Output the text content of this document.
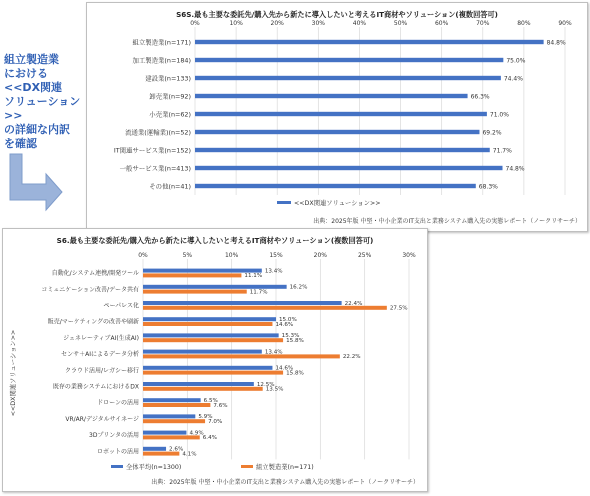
組立製造業
における
<<DX関連
ソリューション>>
の詳細な内訳
を確認
S6S.最も主要な委託先/購入先から新たに導入したいと考えるIT商材やソリューション(複数回答可)
組立製造業(n=171)
加工製造業(n=184)
建設業(n=133)
卸売業(n=92)
小売業(n=62)
流通業(運輸業)(n=52)
IT関連サービス業(n=152)
一般サービス業(n=413)
その他(n=41)
84.8%
75.0%
74.4%
66.3%
71.0%
69.2%
71.7%
74.8%
68.3%
0%	10%	20%	30%	40%	50%	60%	70%	80%	90%
<<DX関連ソリューション>>
出典：2025年版 中堅・中小企業のIT支出と業務システム購入先の実態レポート（ノークリサーチ）
S6.最も主要な委託先/購入先から新たに導入したいと考えるIT商材やソリューション(複数回答可)
<<DX関連ソリューション>>
自動化/システム連携/開発ツール
コミュニケーション改善/データ共有
ペーパレス化
販売/マーケティングの改善や刷新
ジェネレーティブAI(生成AI)
センサ＋AIによるデータ分析
クラウド活用/レガシー移行
既存の業務システムにおけるDX
ドローンの活用
VR/AR/デジタルサイネージ
3Dプリンタの活用
ロボットの活用
13.4%
11.1%
16.2%
11.7%
22.4%
27.5%
15.0%
14.6%
15.3%
15.8%
13.4%
22.2%
14.6%
15.8%
12.5%
13.5%
6.5%
7.6%
5.9%
7.0%
4.9%
6.4%
2.6%
4.1%
0%	5%	10%	15%	20%	25%	30%
全体平均(n=1300)	組立製造業(n=171)
出典：2025年版 中堅・中小企業のIT支出と業務システム購入先の実態レポート（ノークリサーチ）
